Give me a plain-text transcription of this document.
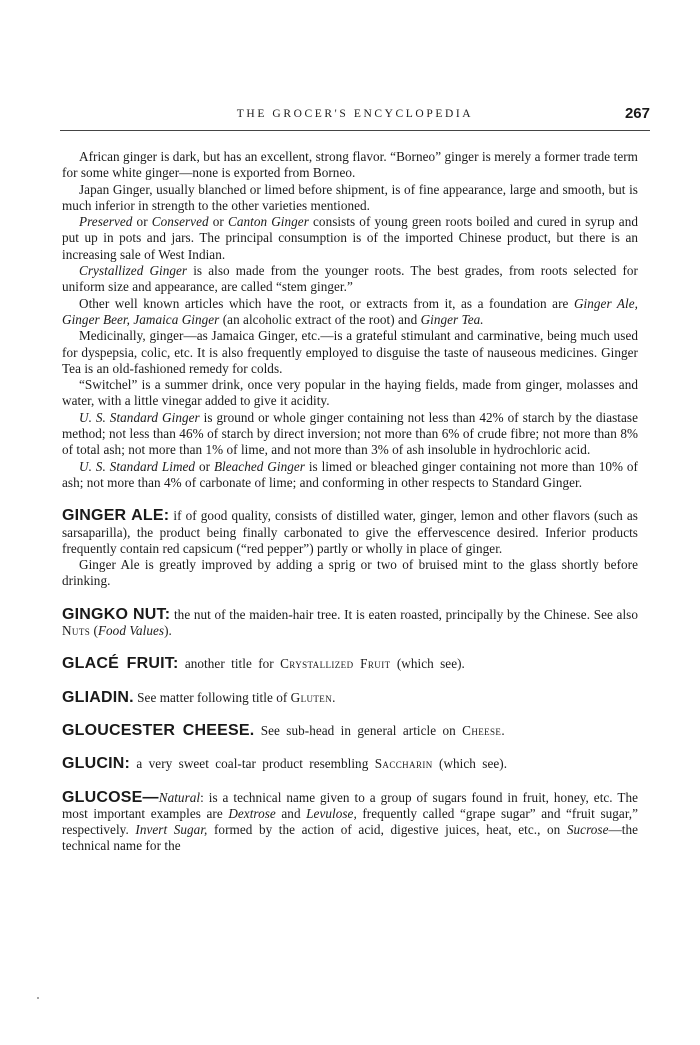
THE GROCER'S ENCYCLOPEDIA	267

African ginger is dark, but has an excellent, strong flavor. “Borneo” ginger is merely a former trade term for some white ginger—none is exported from Borneo.

Japan Ginger, usually blanched or limed before shipment, is of fine appearance, large and smooth, but is much inferior in strength to the other varieties mentioned.

Preserved or Conserved or Canton Ginger consists of young green roots boiled and cured in syrup and put up in pots and jars. The principal consumption is of the imported Chinese product, but there is an increasing sale of West Indian.

Crystallized Ginger is also made from the younger roots. The best grades, from roots selected for uniform size and appearance, are called “stem ginger.”

Other well known articles which have the root, or extracts from it, as a foundation are Ginger Ale, Ginger Beer, Jamaica Ginger (an alcoholic extract of the root) and Ginger Tea.

Medicinally, ginger—as Jamaica Ginger, etc.—is a grateful stimulant and carminative, being much used for dyspepsia, colic, etc. It is also frequently employed to disguise the taste of nauseous medicines. Ginger Tea is an old-fashioned remedy for colds.

“Switchel” is a summer drink, once very popular in the haying fields, made from ginger, molasses and water, with a little vinegar added to give it acidity.

U. S. Standard Ginger is ground or whole ginger containing not less than 42% of starch by the diastase method; not less than 46% of starch by direct inversion; not more than 6% of crude fibre; not more than 8% of total ash; not more than 1% of lime, and not more than 3% of ash insoluble in hydrochloric acid.

U. S. Standard Limed or Bleached Ginger is limed or bleached ginger containing not more than 10% of ash; not more than 4% of carbonate of lime; and conforming in other respects to Standard Ginger.

GINGER ALE: if of good quality, consists of distilled water, ginger, lemon and other flavors (such as sarsaparilla), the product being finally carbonated to give the effervescence desired. Inferior products frequently contain red capsicum (“red pepper”) partly or wholly in place of ginger.

Ginger Ale is greatly improved by adding a sprig or two of bruised mint to the glass shortly before drinking.

GINGKO NUT: the nut of the maiden-hair tree. It is eaten roasted, principally by the Chinese. See also Nuts (Food Values).

GLACÉ FRUIT: another title for Crystallized Fruit (which see).

GLIADIN. See matter following title of Gluten.

GLOUCESTER CHEESE. See sub-head in general article on Cheese.

GLUCIN: a very sweet coal-tar product resembling Saccharin (which see).

GLUCOSE—Natural: is a technical name given to a group of sugars found in fruit, honey, etc. The most important examples are Dextrose and Levulose, frequently called “grape sugar” and “fruit sugar,” respectively. Invert Sugar, formed by the action of acid, digestive juices, heat, etc., on Sucrose—the technical name for the
